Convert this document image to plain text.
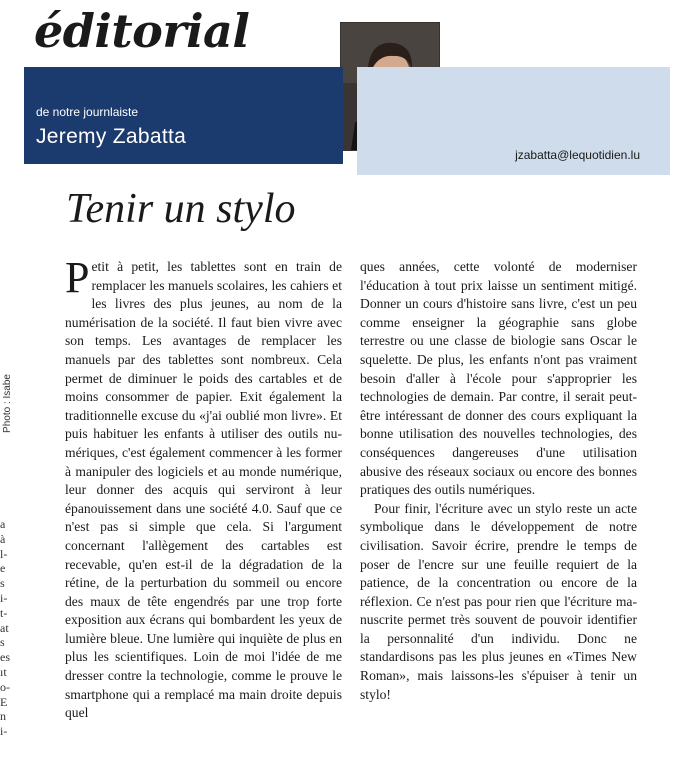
éditorial
jzabatta@lequotidien.lu
de notre journlaiste
Jeremy Zabatta
Tenir un stylo
Photo : Isabe
a
à
l-
e
s
i-
t-
at
s
es
ıt
o-
E
n
i-

Petit à petit, les tablettes sont en train de remplacer les manuels scolaires, les cahiers et les livres des plus jeunes, au nom de la numérisation de la société. Il faut bien vivre avec son temps. Les avantages de remplacer les manuels par des tablettes sont nombreux. Cela permet de diminuer le poids des cartables et de moins consommer de papier. Exit également la traditionnelle excuse du «j'ai oublié mon livre». Et puis habituer les enfants à utiliser des outils numériques, c'est également commencer à les former à manipuler des logiciels et au monde numérique, leur donner des acquis qui serviront à leur épanouissement dans une société 4.0. Sauf que ce n'est pas si simple que cela. Si l'argument concernant l'allègement des cartables est recevable, qu'en est-il de la dégradation de la rétine, de la perturbation du sommeil ou encore des maux de tête engendrés par une trop forte exposition aux écrans qui bombardent les yeux de lumière bleue. Une lumière qui inquiète de plus en plus les scientifiques. Loin de moi l'idée de me dresser contre la technologie, comme le prouve le smartphone qui a remplacé ma main droite depuis quel

ques années, cette volonté de moderniser l'éducation à tout prix laisse un sentiment mitigé. Donner un cours d'histoire sans livre, c'est un peu comme enseigner la géographie sans globe terrestre ou une classe de biologie sans Oscar le squelette. De plus, les enfants n'ont pas vraiment besoin d'aller à l'école pour s'approprier les technologies de demain. Par contre, il serait peut-être intéressant de donner des cours expliquant la bonne utilisation des nouvelles technologies, des conséquences dangereuses d'une utilisation abusive des réseaux sociaux ou encore des bonnes pratiques des outils numériques.

Pour finir, l'écriture avec un stylo reste un acte symbolique dans le développement de notre civilisation. Savoir écrire, prendre le temps de poser de l'encre sur une feuille requiert de la patience, de la concentration ou encore de la réflexion. Ce n'est pas pour rien que l'écriture manuscrite permet très souvent de pouvoir identifier la personnalité d'un individu. Donc ne standardisons pas les plus jeunes en «Times New Roman», mais laissons-les s'épuiser à tenir un stylo!
